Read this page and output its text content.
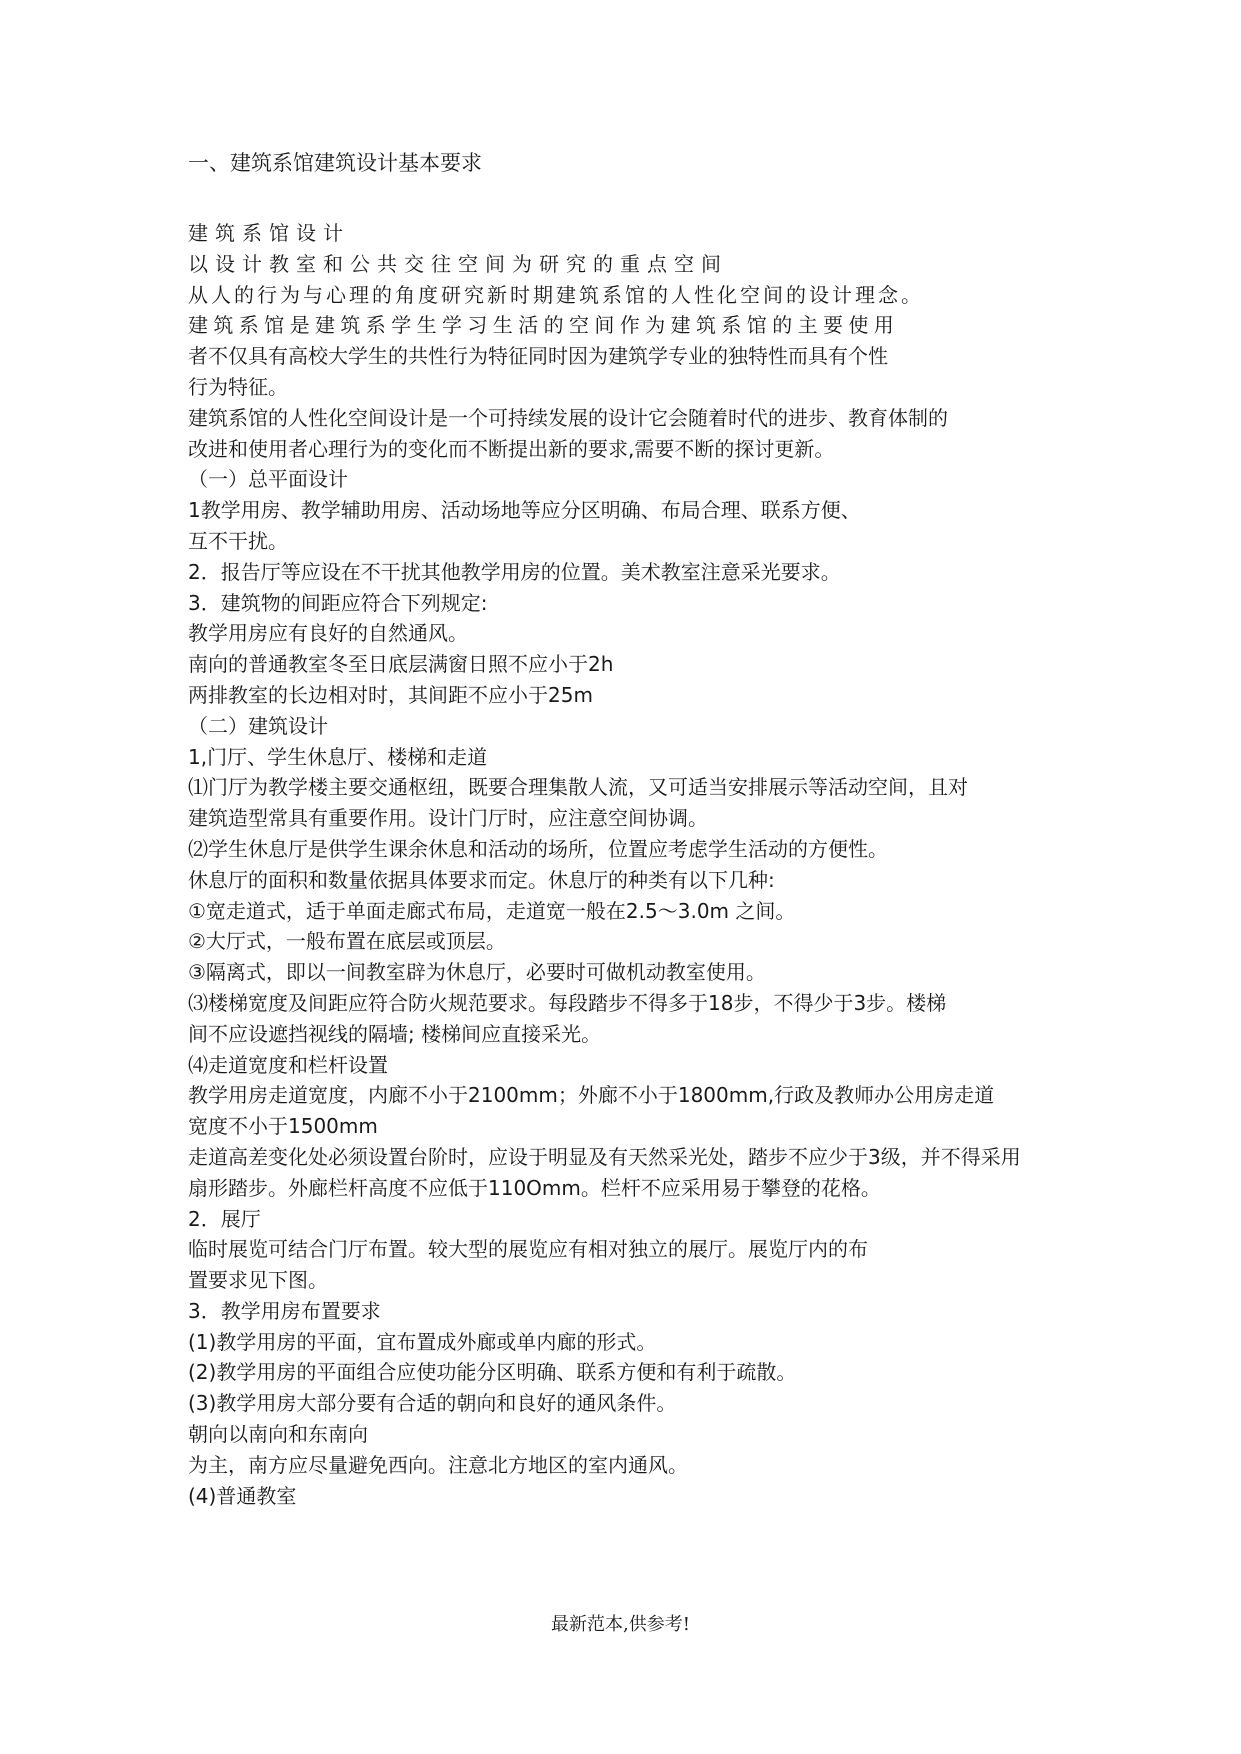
一、建筑系馆建筑设计基本要求

建筑系馆设计

以设计教室和公共交往空间为研究的重点空间

从人的行为与心理的角度研究新时期建筑系馆的人性化空间的设计理念。

建筑系馆是建筑系学生学习生活的空间作为建筑系馆的主要使用

者不仅具有高校大学生的共性行为特征同时因为建筑学专业的独特性而具有个性

行为特征。

建筑系馆的人性化空间设计是一个可持续发展的设计它会随着时代的进步、教育体制的

改进和使用者心理行为的变化而不断提出新的要求,需要不断的探讨更新。

（一）总平面设计

1教学用房、教学辅助用房、活动场地等应分区明确、布局合理、联系方便、

互不干扰。

2．报告厅等应设在不干扰其他教学用房的位置。美术教室注意采光要求。

3．建筑物的间距应符合下列规定:

教学用房应有良好的自然通风。

南向的普通教室冬至日底层满窗日照不应小于2h

两排教室的长边相对时，其间距不应小于25m

（二）建筑设计

1,门厅、学生休息厅、楼梯和走道

⑴门厅为教学楼主要交通枢纽，既要合理集散人流，又可适当安排展示等活动空间，且对

建筑造型常具有重要作用。设计门厅时，应注意空间协调。

⑵学生休息厅是供学生课余休息和活动的场所，位置应考虑学生活动的方便性。

休息厅的面积和数量依据具体要求而定。休息厅的种类有以下几种:

①宽走道式，适于单面走廊式布局，走道宽一般在2.5～3.0m 之间。

②大厅式，一般布置在底层或顶层。

③隔离式，即以一间教室辟为休息厅，必要时可做机动教室使用。

⑶楼梯宽度及间距应符合防火规范要求。每段踏步不得多于18步，不得少于3步。楼梯

间不应设遮挡视线的隔墙; 楼梯间应直接采光。

⑷走道宽度和栏杆设置

教学用房走道宽度，内廊不小于2100mm；外廊不小于1800mm,行政及教师办公用房走道

宽度不小于1500mm

走道高差变化处必须设置台阶时，应设于明显及有天然采光处，踏步不应少于3级，并不得采用

扇形踏步。外廊栏杆高度不应低于110Omm。栏杆不应采用易于攀登的花格。

2．展厅

临时展览可结合门厅布置。较大型的展览应有相对独立的展厅。展览厅内的布

置要求见下图。

3．教学用房布置要求

(1)教学用房的平面，宜布置成外廊或单内廊的形式。

(2)教学用房的平面组合应使功能分区明确、联系方便和有利于疏散。

(3)教学用房大部分要有合适的朝向和良好的通风条件。

朝向以南向和东南向

为主，南方应尽量避免西向。注意北方地区的室内通风。

(4)普通教室

最新范本,供参考!
